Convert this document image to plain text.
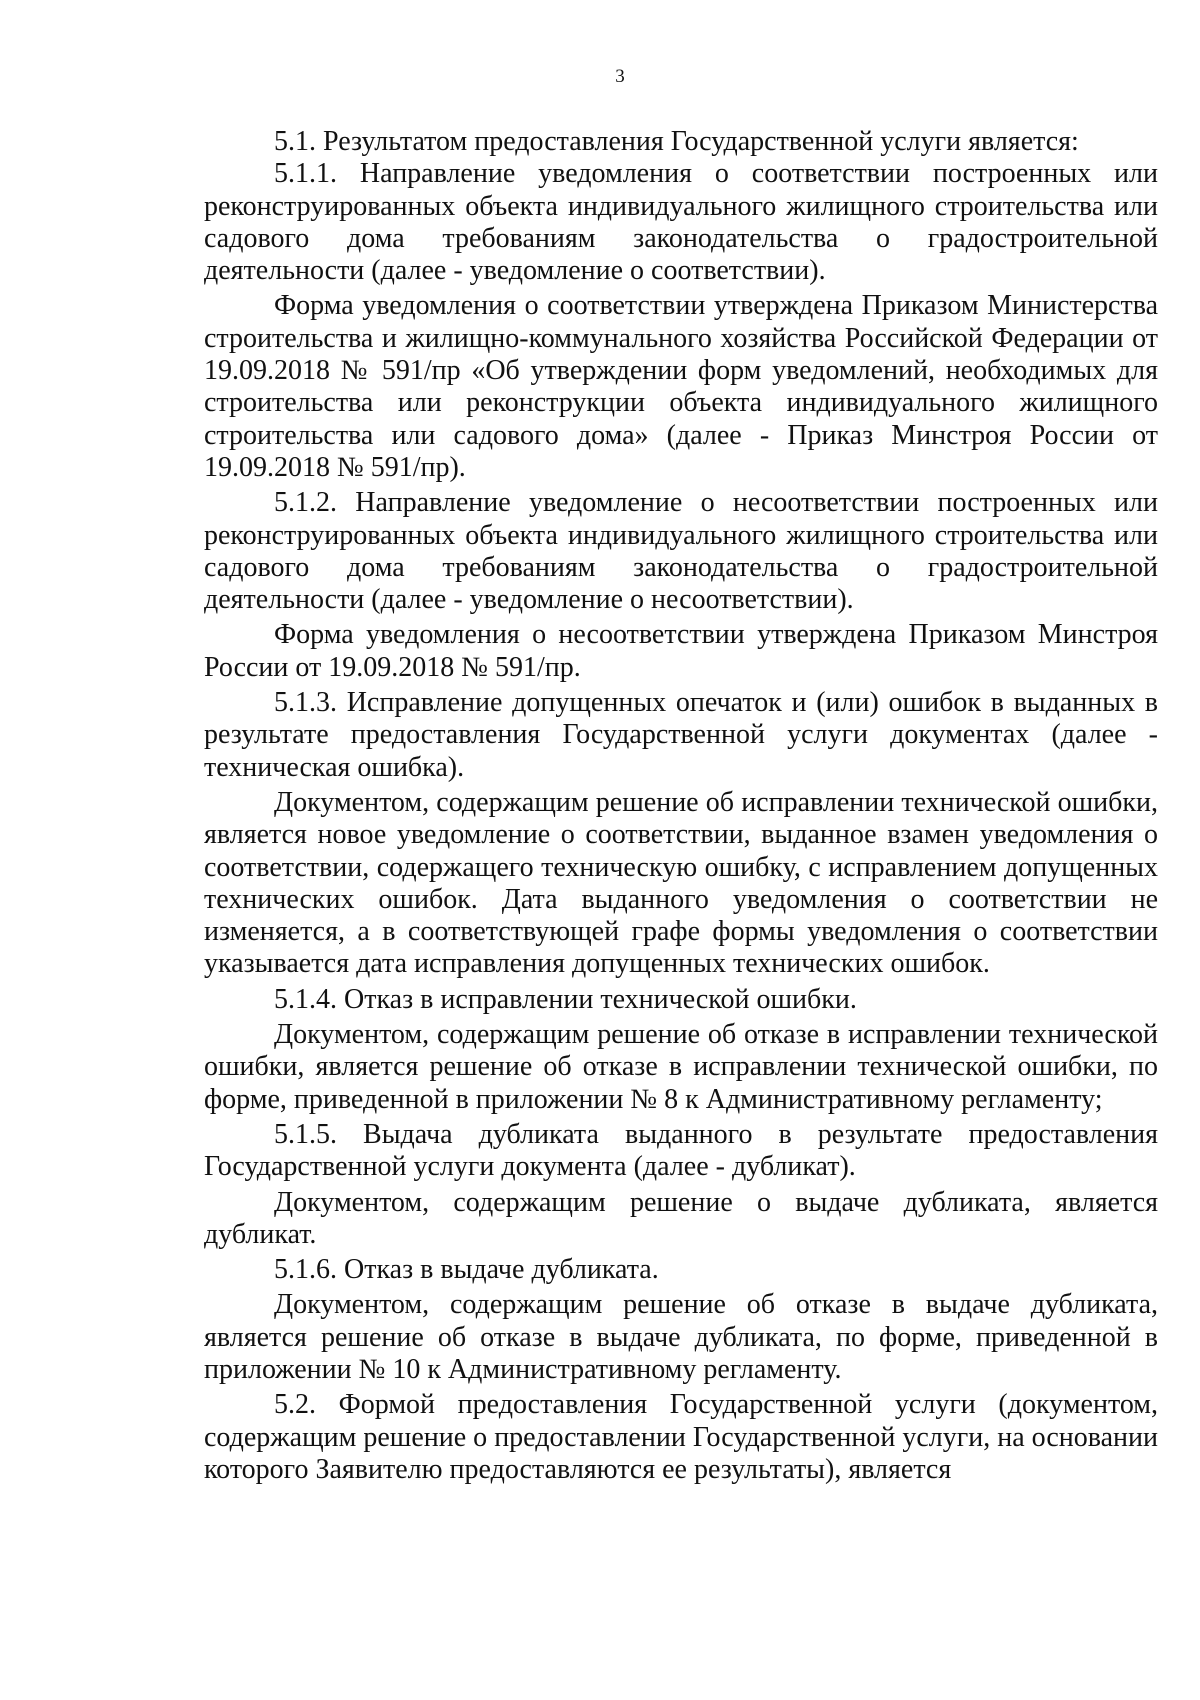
3

5.1. Результатом предоставления Государственной услуги является:

5.1.1. Направление уведомления о соответствии построенных или реконструированных объекта индивидуального жилищного строительства или садового дома требованиям законодательства о градостроительной деятельности (далее - уведомление о соответствии).

Форма уведомления о соответствии утверждена Приказом Министерства строительства и жилищно-коммунального хозяйства Российской Федерации от 19.09.2018 № 591/пр «Об утверждении форм уведомлений, необходимых для строительства или реконструкции объекта индивидуального жилищного строительства или садового дома» (далее - Приказ Минстроя России от 19.09.2018 № 591/пр).

5.1.2. Направление уведомление о несоответствии построенных или реконструированных объекта индивидуального жилищного строительства или садового дома требованиям законодательства о градостроительной деятельности (далее - уведомление о несоответствии).

Форма уведомления о несоответствии утверждена Приказом Минстроя России от 19.09.2018 № 591/пр.

5.1.3. Исправление допущенных опечаток и (или) ошибок в выданных в результате предоставления Государственной услуги документах (далее - техническая ошибка).

Документом, содержащим решение об исправлении технической ошибки, является новое уведомление о соответствии, выданное взамен уведомления о соответствии, содержащего техническую ошибку, с исправлением допущенных технических ошибок. Дата выданного уведомления о соответствии не изменяется, а в соответствующей графе формы уведомления о соответствии указывается дата исправления допущенных технических ошибок.

5.1.4. Отказ в исправлении технической ошибки.

Документом, содержащим решение об отказе в исправлении технической ошибки, является решение об отказе в исправлении технической ошибки, по форме, приведенной в приложении № 8 к Административному регламенту;

5.1.5. Выдача дубликата выданного в результате предоставления Государственной услуги документа (далее - дубликат).

Документом, содержащим решение о выдаче дубликата, является дубликат.

5.1.6. Отказ в выдаче дубликата.

Документом, содержащим решение об отказе в выдаче дубликата, является решение об отказе в выдаче дубликата, по форме, приведенной в приложении № 10 к Административному регламенту.

5.2. Формой предоставления Государственной услуги (документом, содержащим решение о предоставлении Государственной услуги, на основании которого Заявителю предоставляются ее результаты), является
